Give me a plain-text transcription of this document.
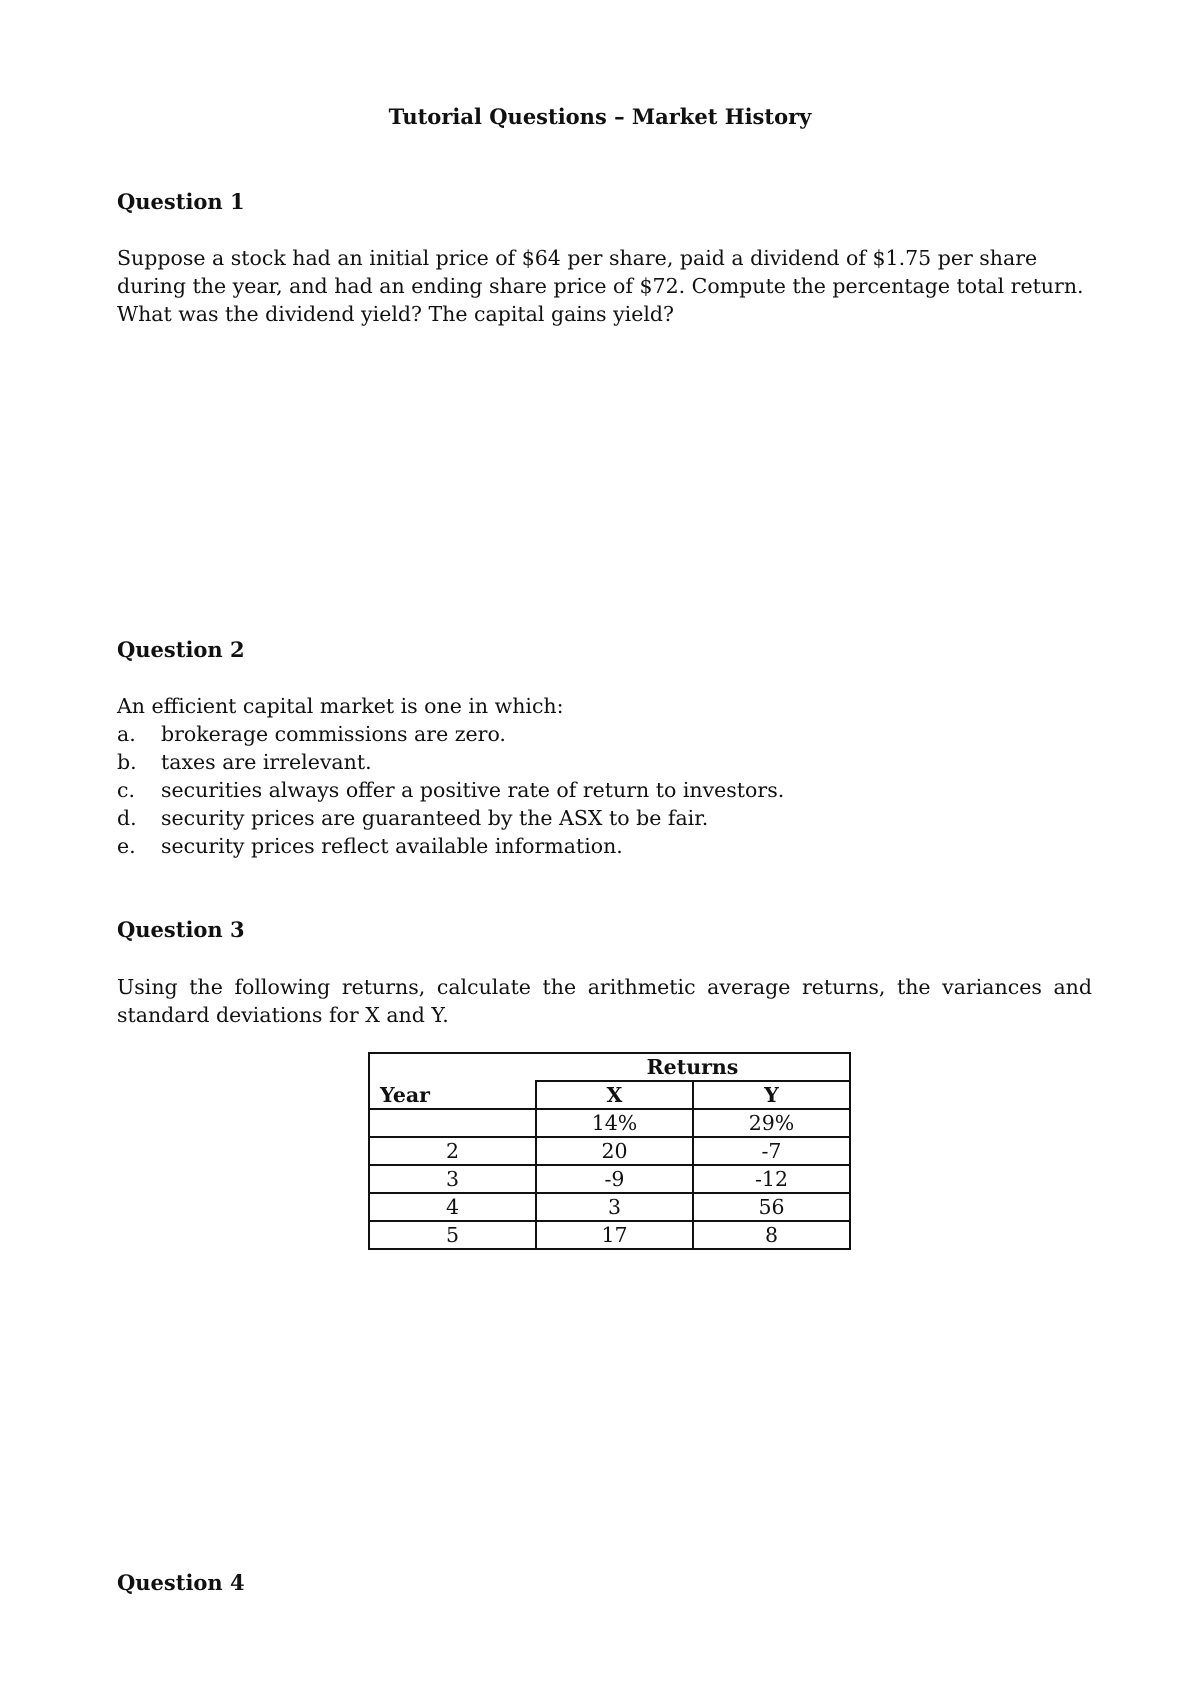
Tutorial Questions – Market History
Question 1
Suppose a stock had an initial price of $64 per share, paid a dividend of $1.75 per share during the year, and had an ending share price of $72. Compute the percentage total return. What was the dividend yield? The capital gains yield?
Question 2
An efficient capital market is one in which:
a. brokerage commissions are zero.
b. taxes are irrelevant.
c. securities always offer a positive rate of return to investors.
d. security prices are guaranteed by the ASX to be fair.
e. security prices reflect available information.
Question 3
Using the following returns, calculate the arithmetic average returns, the variances and standard deviations for X and Y.
	Returns	
Year	X	Y
	14%	29%
2	20	-7
3	-9	-12
4	3	56
5	17	8
Question 4
